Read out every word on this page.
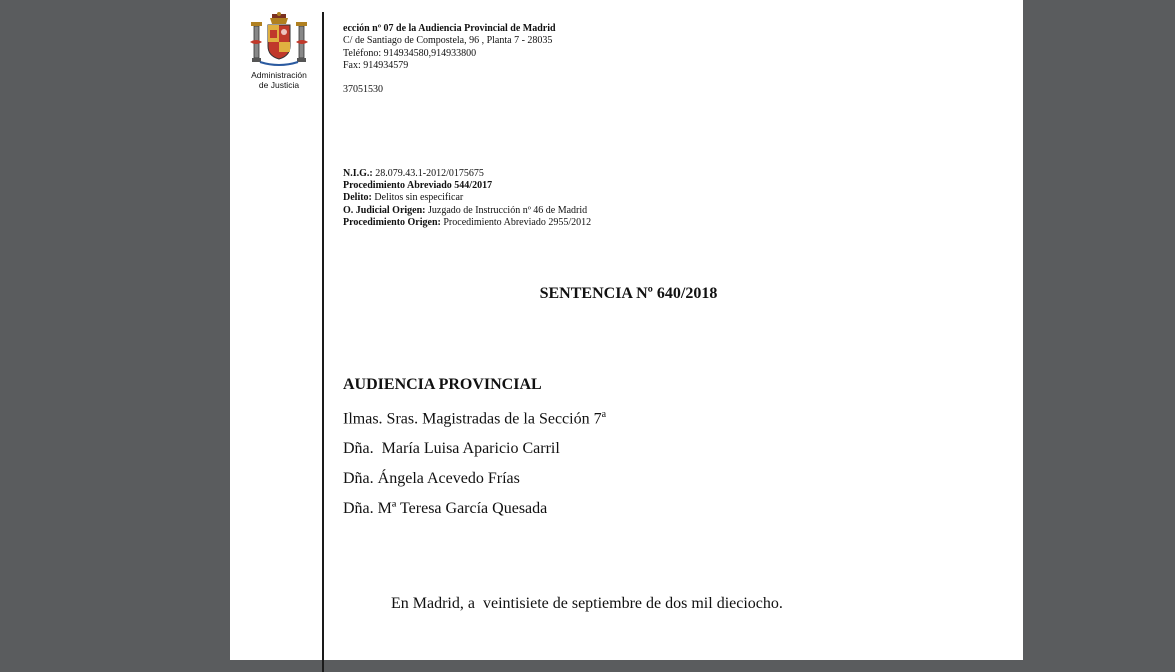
Administración
de Justicia
ección nº 07 de la Audiencia Provincial de Madrid
C/ de Santiago de Compostela, 96 , Planta 7 - 28035
Teléfono: 914934580,914933800
Fax: 914934579
37051530
N.I.G.: 28.079.43.1-2012/0175675
Procedimiento Abreviado 544/2017
Delito: Delitos sin especificar
O. Judicial Origen: Juzgado de Instrucción nº 46 de Madrid
Procedimiento Origen: Procedimiento Abreviado 2955/2012
SENTENCIA Nº 640/2018
AUDIENCIA PROVINCIAL
Ilmas. Sras. Magistradas de la Sección 7$^a$
Dña.  María Luisa Aparicio Carril
Dña. Ángela Acevedo Frías
Dña. Mª Teresa García Quesada
En Madrid, a  veintisiete de septiembre de dos mil dieciocho.
